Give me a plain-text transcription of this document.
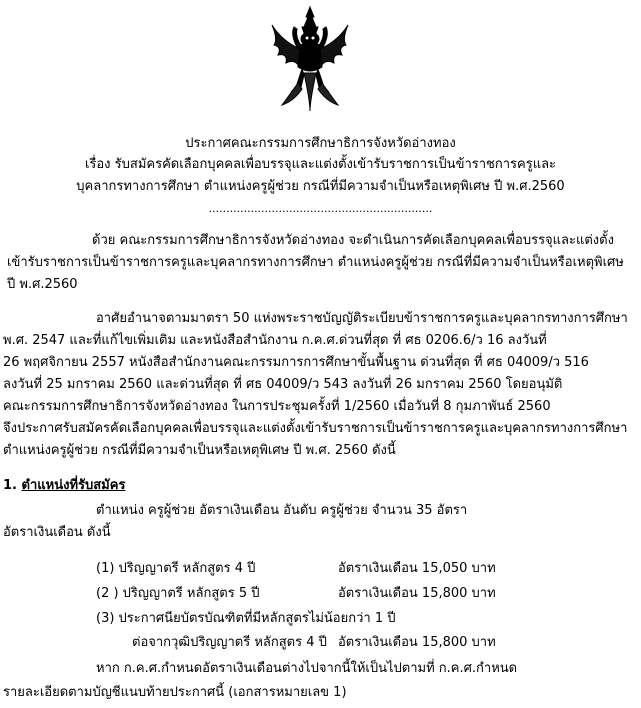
ประกาศคณะกรรมการศึกษาธิการจังหวัดอ่างทอง
เรื่อง รับสมัครคัดเลือกบุคคลเพื่อบรรจุและแต่งตั้งเข้ารับราชการเป็นข้าราชการครูและ
บุคลากรทางการศึกษา ตำแหน่งครูผู้ช่วย กรณีที่มีความจำเป็นหรือเหตุพิเศษ ปี พ.ศ.2560
................................................................
ด้วย คณะกรรมการศึกษาธิการจังหวัดอ่างทอง จะดำเนินการคัดเลือกบุคคลเพื่อบรรจุและแต่งตั้ง
เข้ารับราชการเป็นข้าราชการครูและบุคลากรทางการศึกษา ตำแหน่งครูผู้ช่วย กรณีที่มีความจำเป็นหรือเหตุพิเศษ
ปี พ.ศ.2560
อาศัยอำนาจตามมาตรา 50 แห่งพระราชบัญญัติระเบียบข้าราชการครูและบุคลากรทางการศึกษา
พ.ศ. 2547 และที่แก้ไขเพิ่มเติม และหนังสือสำนักงาน ก.ค.ศ.ด่วนที่สุด ที่ ศธ 0206.6/ว 16 ลงวันที่
26 พฤศจิกายน 2557 หนังสือสำนักงานคณะกรรมการการศึกษาขั้นพื้นฐาน ด่วนที่สุด ที่ ศธ 04009/ว 516
ลงวันที่ 25 มกราคม 2560 และด่วนที่สุด ที่ ศธ 04009/ว 543 ลงวันที่ 26 มกราคม 2560 โดยอนุมัติ
คณะกรรมการศึกษาธิการจังหวัดอ่างทอง ในการประชุมครั้งที่ 1/2560 เมื่อวันที่ 8 กุมภาพันธ์ 2560
จึงประกาศรับสมัครคัดเลือกบุคคลเพื่อบรรจุและแต่งตั้งเข้ารับราชการเป็นข้าราชการครูและบุคลากรทางการศึกษา
ตำแหน่งครูผู้ช่วย กรณีที่มีความจำเป็นหรือเหตุพิเศษ ปี พ.ศ. 2560 ดังนี้
1. ตำแหน่งที่รับสมัคร
ตำแหน่ง ครูผู้ช่วย อัตราเงินเดือน อันดับ ครูผู้ช่วย จำนวน 35 อัตรา
อัตราเงินเดือน ดังนี้
(1) ปริญญาตรี หลักสูตร 4 ปี	อัตราเงินเดือน 15,050 บาท
(2 ) ปริญญาตรี หลักสูตร 5 ปี	อัตราเงินเดือน 15,800 บาท
(3) ประกาศนียบัตรบัณฑิตที่มีหลักสูตรไม่น้อยกว่า 1 ปี
ต่อจากวุฒิปริญญาตรี หลักสูตร 4 ปี อัตราเงินเดือน 15,800 บาท
หาก ก.ค.ศ.กำหนดอัตราเงินเดือนต่างไปจากนี้ให้เป็นไปตามที่ ก.ค.ศ.กำหนด
รายละเอียดตามบัญชีแนบท้ายประกาศนี้ (เอกสารหมายเลข 1)
